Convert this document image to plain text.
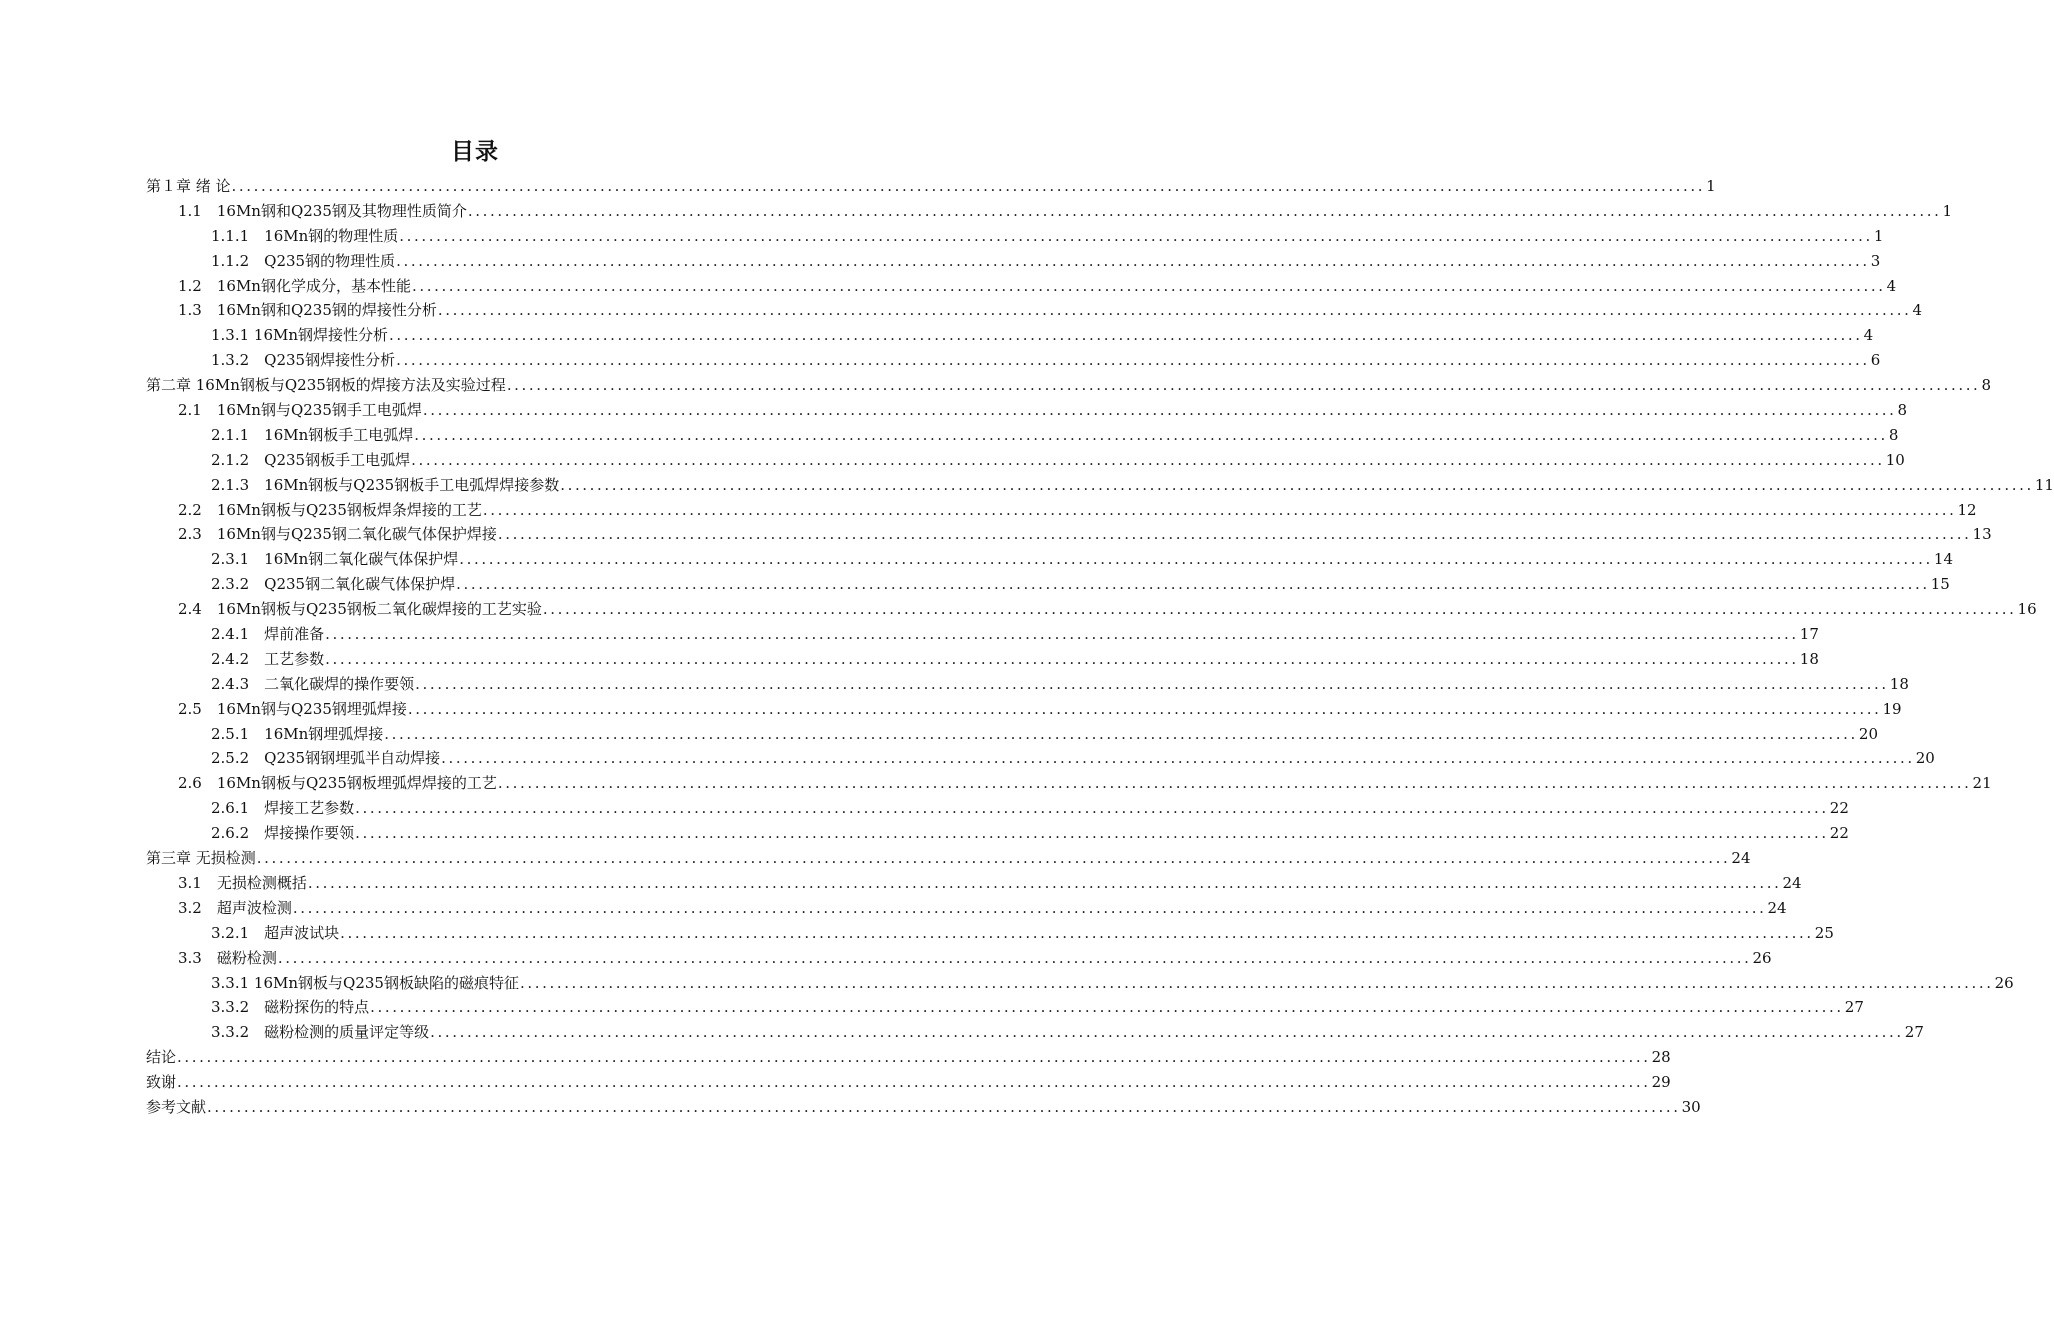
目录
第１章 绪 论 ........................................................................................................................................................................................................ 1
1.1　16Mn钢和Q235钢及其物理性质简介 ........................................................................................................................................................................................................ 1
1.1.1　16Mn钢的物理性质 ........................................................................................................................................................................................................ 1
1.1.2　Q235钢的物理性质 ........................................................................................................................................................................................................ 3
1.2　16Mn钢化学成分，基本性能 ........................................................................................................................................................................................................ 4
1.3　16Mn钢和Q235钢的焊接性分析 ........................................................................................................................................................................................................ 4
1.3.1 16Mn钢焊接性分析 ........................................................................................................................................................................................................ 4
1.3.2　Q235钢焊接性分析 ........................................................................................................................................................................................................ 6
第二章 16Mn钢板与Q235钢板的焊接方法及实验过程 ........................................................................................................................................................................................................ 8
2.1　16Mn钢与Q235钢手工电弧焊 ........................................................................................................................................................................................................ 8
2.1.1　16Mn钢板手工电弧焊 ........................................................................................................................................................................................................ 8
2.1.2　Q235钢板手工电弧焊 ........................................................................................................................................................................................................ 10
2.1.3　16Mn钢板与Q235钢板手工电弧焊焊接参数 ........................................................................................................................................................................................................ 11
2.2　16Mn钢板与Q235钢板焊条焊接的工艺 ........................................................................................................................................................................................................ 12
2.3　16Mn钢与Q235钢二氧化碳气体保护焊接 ........................................................................................................................................................................................................ 13
2.3.1　16Mn钢二氧化碳气体保护焊 ........................................................................................................................................................................................................ 14
2.3.2　Q235钢二氧化碳气体保护焊 ........................................................................................................................................................................................................ 15
2.4　16Mn钢板与Q235钢板二氧化碳焊接的工艺实验 ........................................................................................................................................................................................................ 16
2.4.1　焊前准备 ........................................................................................................................................................................................................ 17
2.4.2　工艺参数 ........................................................................................................................................................................................................ 18
2.4.3　二氧化碳焊的操作要领 ........................................................................................................................................................................................................ 18
2.5　16Mn钢与Q235钢埋弧焊接 ........................................................................................................................................................................................................ 19
2.5.1　16Mn钢埋弧焊接 ........................................................................................................................................................................................................ 20
2.5.2　Q235钢钢埋弧半自动焊接 ........................................................................................................................................................................................................ 20
2.6　16Mn钢板与Q235钢板埋弧焊焊接的工艺 ........................................................................................................................................................................................................ 21
2.6.1　焊接工艺参数 ........................................................................................................................................................................................................ 22
2.6.2　焊接操作要领 ........................................................................................................................................................................................................ 22
第三章 无损检测 ........................................................................................................................................................................................................ 24
3.1　无损检测概括 ........................................................................................................................................................................................................ 24
3.2　超声波检测 ........................................................................................................................................................................................................ 24
3.2.1　超声波试块 ........................................................................................................................................................................................................ 25
3.3　磁粉检测 ........................................................................................................................................................................................................ 26
3.3.1 16Mn钢板与Q235钢板缺陷的磁痕特征 ........................................................................................................................................................................................................ 26
3.3.2　磁粉探伤的特点 ........................................................................................................................................................................................................ 27
3.3.2　磁粉检测的质量评定等级 ........................................................................................................................................................................................................ 27
结论 ........................................................................................................................................................................................................ 28
致谢 ........................................................................................................................................................................................................ 29
参考文献 ........................................................................................................................................................................................................ 30
